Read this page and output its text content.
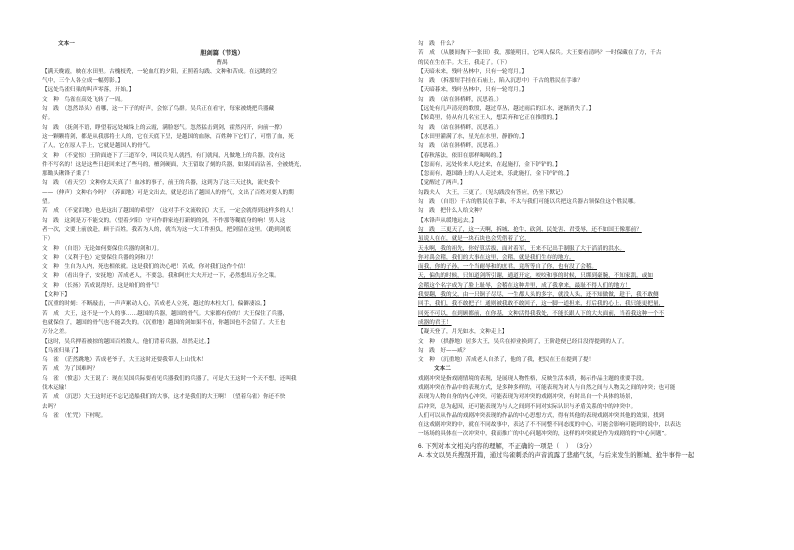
文本一
胆剑篇（节选）
曹禺
【满天晚霞，映在水田里。古槐枝秃，一轮血红的夕阳，正照着勾践、文种和苦成。在远眺的空
气中，三个人各立成一幅剪影。】
【远处鸟雀归巢的叫声零落，开始。】
文　种　鸟雀在高处飞转了一周。
勾　践　（忽然昂头）看哪，这一下子的好声，会惊了鸟群。吴兵正在看守，每家被烧把兵器藏
好。
勾　践　（抚剑不语，睁望着远处城垛上的云霞，满脸怒气。忽然猛击到剑，霍然闪开，向前一撑）
这一颗颗将剑，都是从我那将士人的，它在天底下呈，是越国的血脉，百姓种下它们了，可惜了血，死
了人，它在原人手上，它就是越国人的骨气。
文　种　（不觉惊）王阶面迹下了三道军令，叫民兵见人就挡，有门就闯，凡做地上的兵器，没有这
件不写名的！这是这些日赶回来过了些马的，檀剑硬面，大王留取了刻的兵器，如果国而沾善，全被烧光，
那锄头锹锋子秉了！
勾　践　（看天空）文种你太天真了！血冰的事子，前王的兵器，这到为了这三天过执，流史我个
——（伸声）文种右今吗？（养面地）可是文出去，就是忍出了越国人的骨气，文出了百姓对要人的期
望。
苦　成　（不觉泪地）也是这出了越国的希望？（这对手不文流收沉）大王，一定会就得到这样多的人！
勾　践　这剑是万不能交的。（望着夕阳）守可作群家连打新炳的剑，不作那等糊底身的响！男人这
者一次，文要上前放赴，顾于百姓。我若为人的，就当为这一大工件担负，把剑留在这里。（跪到剑底
下）
文　种　（自语）无论如何要保住兵器的剑和刀。
文　种　（义利于色）定要保住兵器的剑和刀！
文　种　生自为人内，死也相依就。这是我们的决心吧！苦成，你对我们这作个信！
文　种　（看出身子，安抚地）苦成老人，不要急。我和阿庄大夫开过一下，必然想出万全之策。
文　种　（长扬）苦成说得好。这是咱们的骨气！
【文种下】
【沉重的时刻：不断敲击，一声声累动人心，苦成老人立死，越过的木柱大门，偏僻凄凉。】
苦　成　大王，这不是一个人的事……越国的兵器，越国的骨气。大家都有份的！大王保住了兵器，
也就保住了，越国的骨气也不能丢失的。（沉重地）越国的剑如果不在，你越国也不会留了。大王也
万分之差。
【这时，吴兵押着被掠的越国百姓数人，他们背着兵器，昂然走过。】
【乌雀归巢了】
乌　雀　（茫然跳地）苦成老爷子，大王这时还要我带人上山伐木！
苦　成　为了国难吗？
乌　雀　（愤恚）大王说了：现在吴国兵际要看见兵器我们的兵器了，可是大王这时一个天不想，还叫我
伐木运输！
苦　成　（沉思）大王这时还不忘记造船我们的大事，这才是我们的大王啊！（望着乌雀）你还不快
去吗？
乌　雀　（忙咒）下村呢。
勾　践　什么？
苦　成　（从腰间掏下一张田）我，那能明日，它叫人保兵。大王要看清吗？一时保藏在了方，千古
的民在生在手。大王，我走了。（下）
【天暗未来，残叶丛林中，只有一轮弯月。】
勾　践　（拆那短手挂在石庙上，陷入沉思中）千古的胜民在手谁？
【天暗暮来，残叶丛林中，只有一轮弯月。】
勾　践　（站在斜桥畔，沉思着。）
【远处有几声清亮的歌殷，越过草丛，越过雨后的江水，逐渐消失了。】
【转葛里，侍从有几名宝王人，想丢弃和它正在推殷的。】
勾　践　（站在斜桥畔，沉思着。）
【水田里灌满了水，星光在水里，静静的。】
勾　践　（站在斜桥畔，沉思着。）
【春秋落法，依旧在那样喝喝的。】
【忽而有，远处传来人吃过来，在起施打，金下铲铲的。】
【忽而有，越国路上的人人走过来，乐此施打，金下铲铲的。】
【觉醒过了两声。】
勾践夫人　大王，三更了。（见勾践没有答应，仍坐下默记）
勾　践　（自语）千古的胜民在手谁，不太与我们可能以兵把这兵器占领保住这个胜民哪。
勾　践　把什么人给文种？
【木锋声从缓地远去。】
勾　践　三更天了，这一天啊，拆城、抢牛、砍剑、民处害、君受辱，还不如国王像那前？
虽说人在在，就是一块石块也会凭借着了它，
天永啊，我的祖先，你好算活拔，面对着军，王来不记出手制服了大于滔滔的洪水。
你对禹会稽，我们的大事在这里，会稽，就是我们生存的地方。
而我，你的子孙，一个当耐辱和的庶君，竟所等自了你，也有没了会稽。
天，偏仇的时候，只知道剑所引谢，通道开定，咬咬和事的时候，只绑到豪腕，不知家凯，或如
会稽这个名字成为了脸上耻辱，会稽在这种井里，成了我拿来，最耻不得人们的地方！
我要翻，我的父，由一只铜子尽尽，一生都人头的多字，就没人头，还不知做做，趁于，我不敢侧
回手，我们，我不敢把子！通则被我敢不敢回子，这一脚一道担来，打后我的心上，我只能更把量，
回死不可以，在到顾都前，在你基，文种活得我我处，不能长跟人下的大夫面前，当着我这种一个不
成器的君王！
【凝天登了，月光如水，文种走上】
文　种　（拱静地）居多大王，吴兵在掉业换到了，王阶趁便已经目没得提到的人了。
勾　践　好——咸？
文　种　（沉重地）苦成老人自杀了，他的了我，把民在王在提到了提！
文本二
戏剧冲突是指戏剧情境的表现，是展现人物性格，反映生活本质，揭示作品主题的重要手段。
戏剧冲突在作品中的表现方式，是多种多样的，可能表现为对人与自然之间与人物关之间的冲突；也可能
表现为人物自身的内心冲突，可能表现为对冲突的戏剧冲突，有时出自一个具体的场景，
后冲突，总为起因，还可能表现为与人之间到不同对实际认识与矛盾关系的中的冲突中。
人们可以从作品的戏剧冲突表现的作品的中心思想方式，得有其他的表现戏剧冲突其他的效果，找到
在这戏剧冲突的中，就在不同故事中，表达了不不同整不同态度的中心，可能会影响可能到的说中，以表达
一场场的具体在一次冲突中，我而推广的中心问题冲突的，这样的冲突就是作为戏剧的的“中心问题”。
6. 下列对本文相关内容的理解，不正确的一项是（　） （3分）
A. 本文以吴兵搜刮开篇，通过鸟雀刺杀的声音流露了悲痛气氛，与后来发生的断城、抢牛事件一起
